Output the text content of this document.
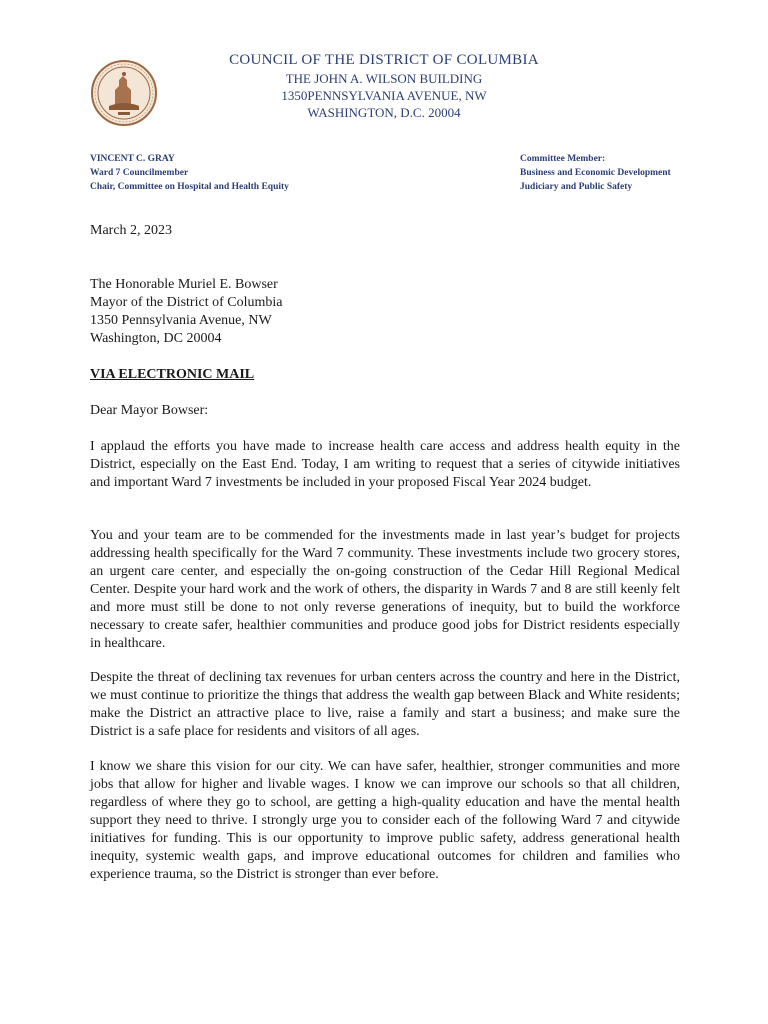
COUNCIL OF THE DISTRICT OF COLUMBIA
THE JOHN A. WILSON BUILDING
1350PENNSYLVANIA AVENUE, NW
WASHINGTON, D.C. 20004
VINCENT C. GRAY
Ward 7 Councilmember
Chair, Committee on Hospital and Health Equity
Committee Member:
Business and Economic Development
Judiciary and Public Safety
March 2, 2023
The Honorable Muriel E. Bowser
Mayor of the District of Columbia
1350 Pennsylvania Avenue, NW
Washington, DC 20004
VIA ELECTRONIC MAIL
Dear Mayor Bowser:
I applaud the efforts you have made to increase health care access and address health equity in the District, especially on the East End. Today, I am writing to request that a series of citywide initiatives and important Ward 7 investments be included in your proposed Fiscal Year 2024 budget.
You and your team are to be commended for the investments made in last year’s budget for projects addressing health specifically for the Ward 7 community. These investments include two grocery stores, an urgent care center, and especially the on-going construction of the Cedar Hill Regional Medical Center. Despite your hard work and the work of others, the disparity in Wards 7 and 8 are still keenly felt and more must still be done to not only reverse generations of inequity, but to build the workforce necessary to create safer, healthier communities and produce good jobs for District residents especially in healthcare.
Despite the threat of declining tax revenues for urban centers across the country and here in the District, we must continue to prioritize the things that address the wealth gap between Black and White residents; make the District an attractive place to live, raise a family and start a business; and make sure the District is a safe place for residents and visitors of all ages.
I know we share this vision for our city. We can have safer, healthier, stronger communities and more jobs that allow for higher and livable wages. I know we can improve our schools so that all children, regardless of where they go to school, are getting a high-quality education and have the mental health support they need to thrive. I strongly urge you to consider each of the following Ward 7 and citywide initiatives for funding. This is our opportunity to improve public safety, address generational health inequity, systemic wealth gaps, and improve educational outcomes for children and families who experience trauma, so the District is stronger than ever before.
